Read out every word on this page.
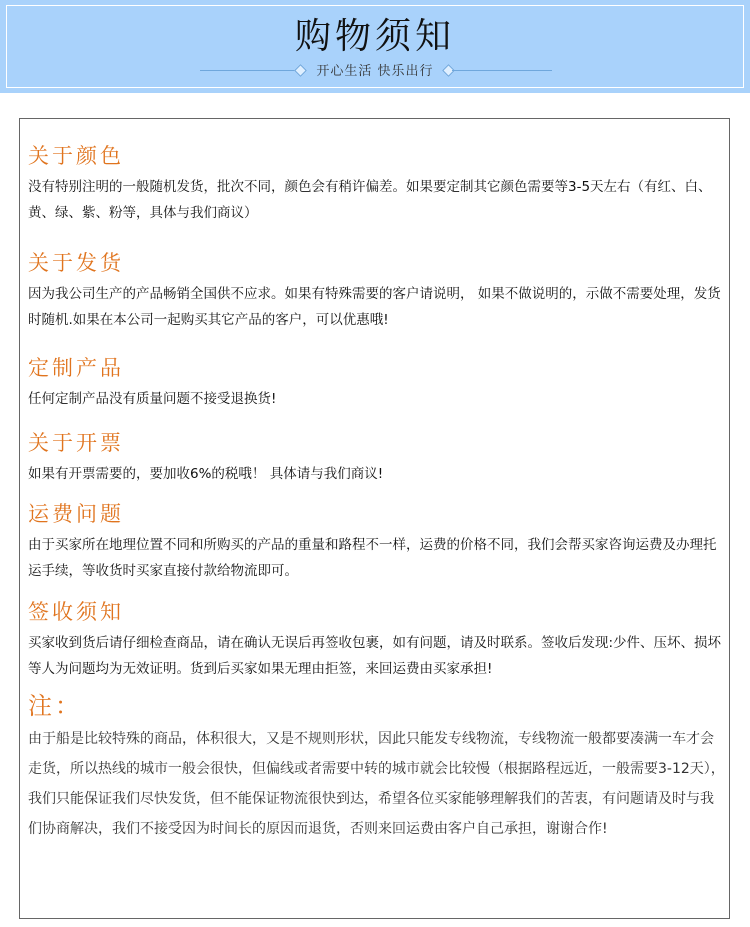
购物须知
开心生活 快乐出行
关于颜色
没有特别注明的一般随机发货，批次不同，颜色会有稍许偏差。如果要定制其它颜色需要等3-5天左右（有红、白、黄、绿、紫、粉等，具体与我们商议）
关于发货
因为我公司生产的产品畅销全国供不应求。如果有特殊需要的客户请说明， 如果不做说明的，示做不需要处理，发货时随机.如果在本公司一起购买其它产品的客户，可以优惠哦!
定制产品
任何定制产品没有质量问题不接受退换货!
关于开票
如果有开票需要的，要加收6%的税哦！ 具体请与我们商议!
运费问题
由于买家所在地理位置不同和所购买的产品的重量和路程不一样，运费的价格不同，我们会帮买家咨询运费及办理托运手续，等收货时买家直接付款给物流即可。
签收须知
买家收到货后请仔细检查商品，请在确认无误后再签收包裹，如有问题，请及时联系。签收后发现:少件、压坏、损坏等人为问题均为无效证明。货到后买家如果无理由拒签，来回运费由买家承担!
注：
由于船是比较特殊的商品，体积很大，又是不规则形状，因此只能发专线物流，专线物流一般都要凑满一车才会走货，所以热线的城市一般会很快，但偏线或者需要中转的城市就会比较慢（根据路程远近，一般需要3-12天），我们只能保证我们尽快发货，但不能保证物流很快到达，希望各位买家能够理解我们的苦衷，有问题请及时与我们协商解决，我们不接受因为时间长的原因而退货，否则来回运费由客户自己承担，谢谢合作!
